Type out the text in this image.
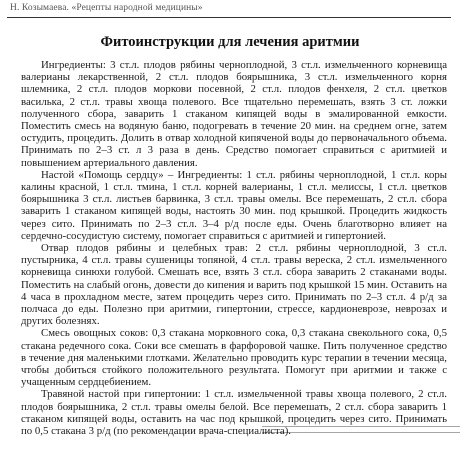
Н. Козымаева. «Рецепты народной медицины»
Фитоинструкции для лечения аритмии

Ингредиенты: 3 ст.л. плодов рябины черноплодной, 3 ст.л. измельченного корневища валерианы лекарственной, 2 ст.л. плодов боярышника, 3 ст.л. измельченного корня шлемника, 2 ст.л. плодов моркови посевной, 2 ст.л. плодов фенхеля, 2 ст.л. цветков василька, 2 ст.л. травы хвоща полевого. Все тщательно перемешать, взять 3 ст. ложки полученного сбора, заварить 1 стаканом кипящей воды в эмалированной емкости. Поместить смесь на водяную баню, подогревать в течение 20 мин. на среднем огне, затем остудить, процедить. Долить в отвар холодной кипяченой воды до первоначального объема. Принимать по 2–3 ст. л 3 раза в день. Средство помогает справиться с аритмией и повышением артериального давления.

Настой «Помощь сердцу» – Ингредиенты: 1 ст.л. рябины черноплодной, 1 ст.л. коры калины красной, 1 ст.л. тмина, 1 ст.л. корней валерианы, 1 ст.л. мелиссы, 1 ст.л. цветков боярышника 3 ст.л. листьев барвинка, 3 ст.л. травы омелы. Все перемешать, 2 ст.л. сбора заварить 1 стаканом кипящей воды, настоять 30 мин. под крышкой. Процедить жидкость через сито. Принимать по 2–3 ст.л. 3–4 р/д после еды. Очень благотворно влияет на сердечно-сосудистую систему, помогает справиться с аритмией и гипертонией.

Отвар плодов рябины и целебных трав: 2 ст.л. рябины черноплодной, 3 ст.л. пустырника, 4 ст.л. травы сушеницы топяной, 4 ст.л. травы вереска, 2 ст.л. измельченного корневища синюхи голубой. Смешать все, взять 3 ст.л. сбора заварить 2 стаканами воды. Поместить на слабый огонь, довести до кипения и варить под крышкой 15 мин. Оставить на 4 часа в прохладном месте, затем процедить через сито. Принимать по 2–3 ст.л. 4 р/д за полчаса до еды. Полезно при аритмии, гипертонии, стрессе, кардионеврозе, неврозах и других болезнях.

Смесь овощных соков: 0,3 стакана морковного сока, 0,3 стакана свекольного сока, 0,5 стакана редечного сока. Соки все смешать в фарфоровой чашке. Пить полученное средство в течение дня маленькими глотками. Желательно проводить курс терапии в течении месяца, чтобы добиться стойкого положительного результата. Помогут при аритмии и также с учащенным сердцебиением.

Травяной настой при гипертонии: 1 ст.л. измельченной травы хвоща полевого, 2 ст.л. плодов боярышника, 2 ст.л. травы омелы белой. Все перемешать, 2 ст.л. сбора заварить 1 стаканом кипящей воды, оставить на час под крышкой, процедить через сито. Принимать по 0,5 стакана 3 р/д (по рекомендации врача-специалиста).
